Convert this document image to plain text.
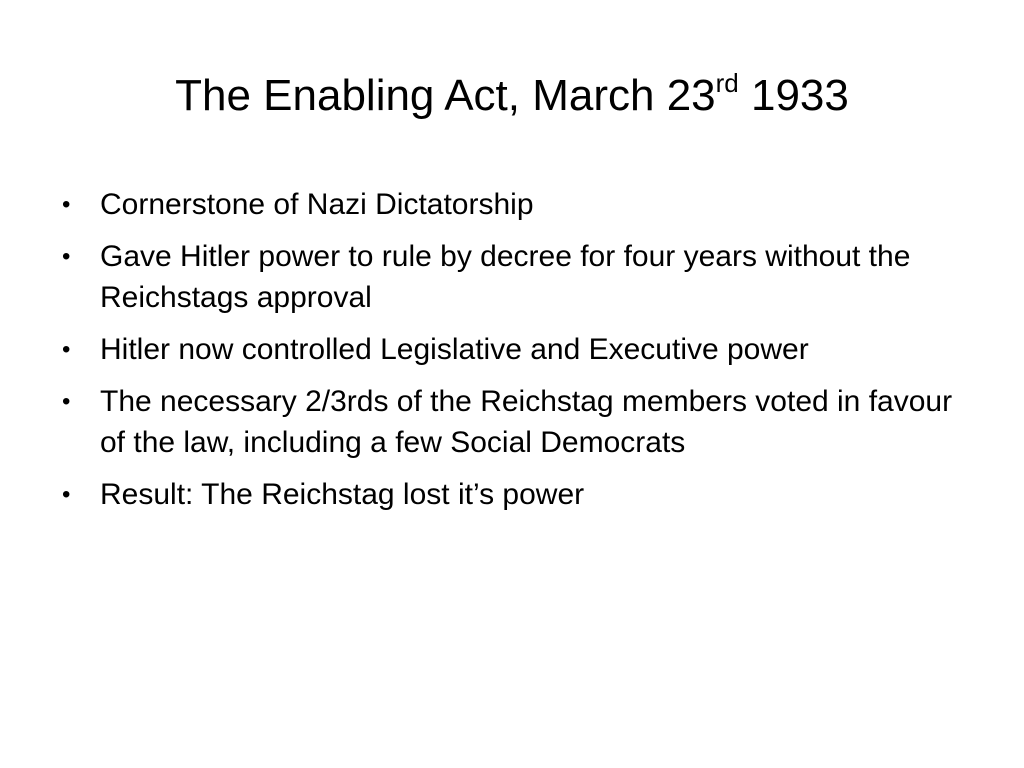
The Enabling Act, March 23rd 1933
• Cornerstone of Nazi Dictatorship
• Gave Hitler power to rule by decree for four years without the Reichstags approval
• Hitler now controlled Legislative and Executive power
• The necessary 2/3rds of the Reichstag members voted in favour of the law, including a few Social Democrats
• Result: The Reichstag lost it’s power
